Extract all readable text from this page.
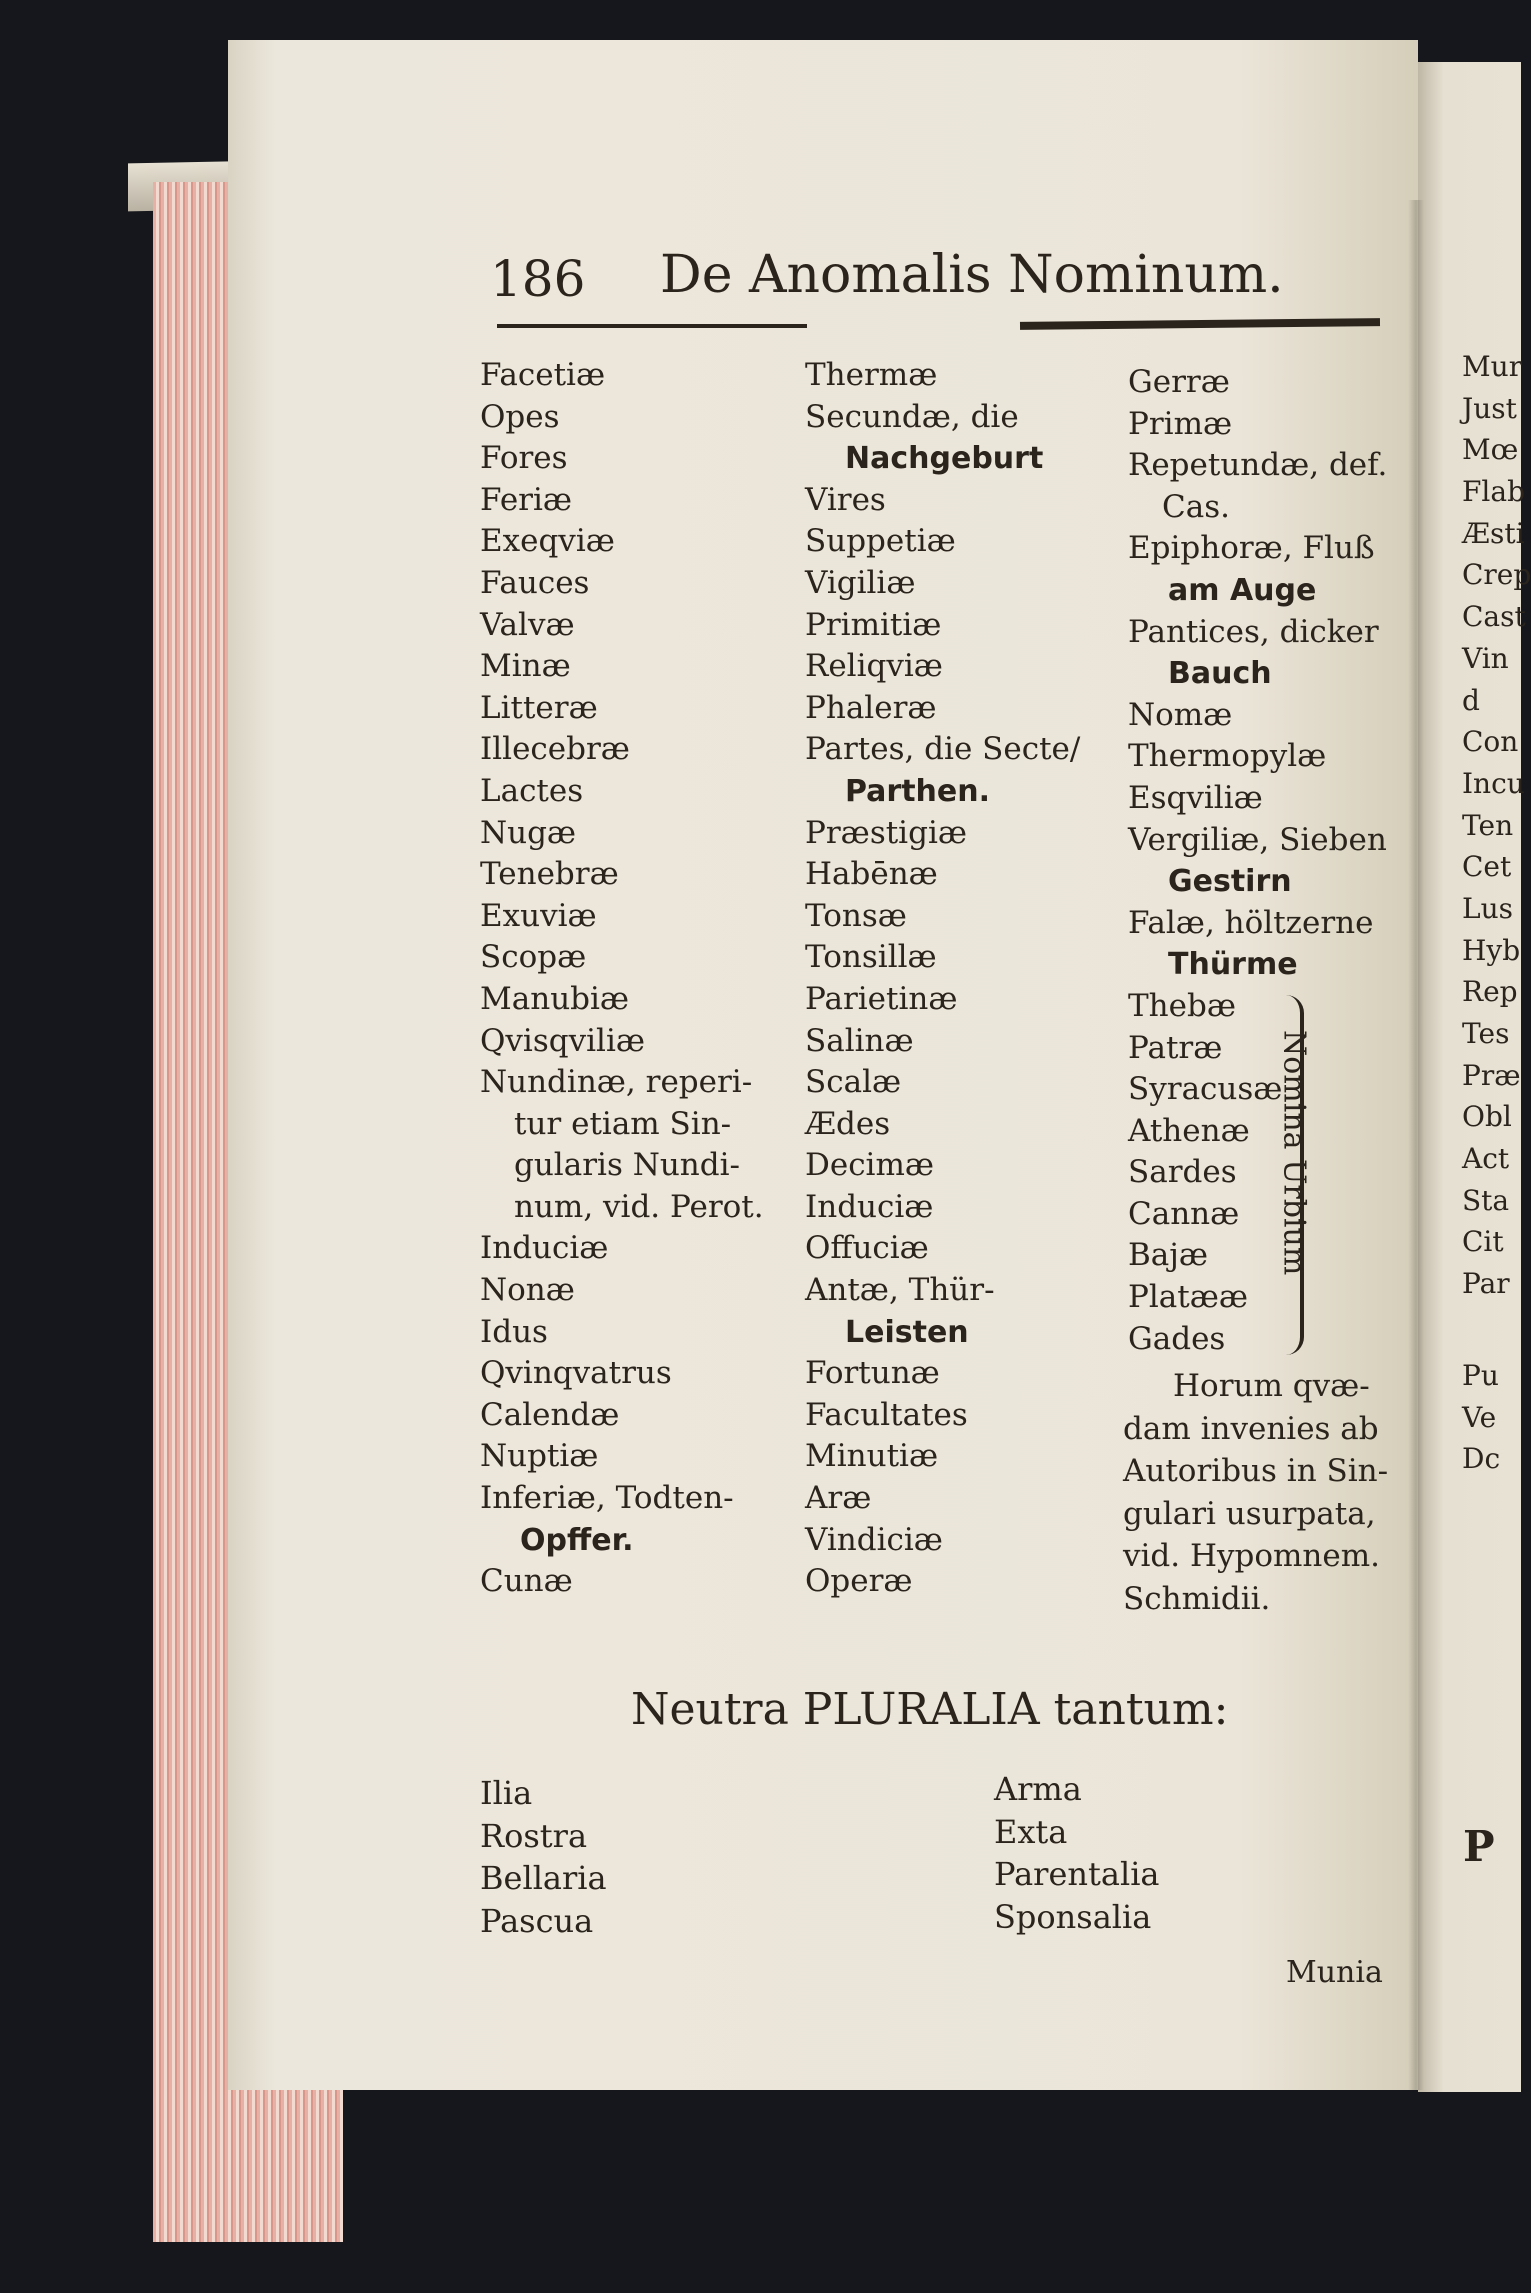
186 De Anomalis Nominum.
Facetiæ
Opes
Fores
Feriæ
Exeqviæ
Fauces
Valvæ
Minæ
Litteræ
Illecebræ
Lactes
Nugæ
Tenebræ
Exuviæ
Scopæ
Manubiæ
Qvisqviliæ
Nundinæ, reperi-
tur etiam Sin-
gularis Nundi-
num, vid. Perot.
Induciæ
Nonæ
Idus
Qvinqvatrus
Calendæ
Nuptiæ
Inferiæ, Todten-
Opffer.
Cunæ
Thermæ
Secundæ, die
Nachgeburt
Vires
Suppetiæ
Vigiliæ
Primitiæ
Reliqviæ
Phaleræ
Partes, die Secte/
Parthen.
Præstigiæ
Habēnæ
Tonsæ
Tonsillæ
Parietinæ
Salinæ
Scalæ
Ædes
Decimæ
Induciæ
Offuciæ
Antæ, Thür-
Leisten
Fortunæ
Facultates
Minutiæ
Aræ
Vindiciæ
Operæ
Gerræ
Primæ
Repetundæ, def.
Cas.
Epiphoræ, Fluß
am Auge
Pantices, dicker
Bauch
Nomæ
Thermopylæ
Esqviliæ
Vergiliæ, Sieben
Gestirn
Falæ, höltzerne
Thürme
Thebæ
Patræ
Syracusæ
Athenæ
Sardes
Cannæ
Bajæ
Platææ
Gades
Nomina Urbium
Horum qvæ-
dam invenies ab
Autoribus in Sin-
gulari usurpata,
vid. Hypomnem.
Schmidii.
Neutra PLURALIA tantum:
Ilia
Rostra
Bellaria
Pascua
Arma
Exta
Parentalia
Sponsalia
Munia
Mur
Just
Mœ
Flab
Æsti
Crep
Cast
Vin
d
Con
Incu
Ten
Cet
Lus
Hyb
Rep
Tes
Præ
Obl
Act
Sta
Cit
Par
Pu
Ve
Dc
P
